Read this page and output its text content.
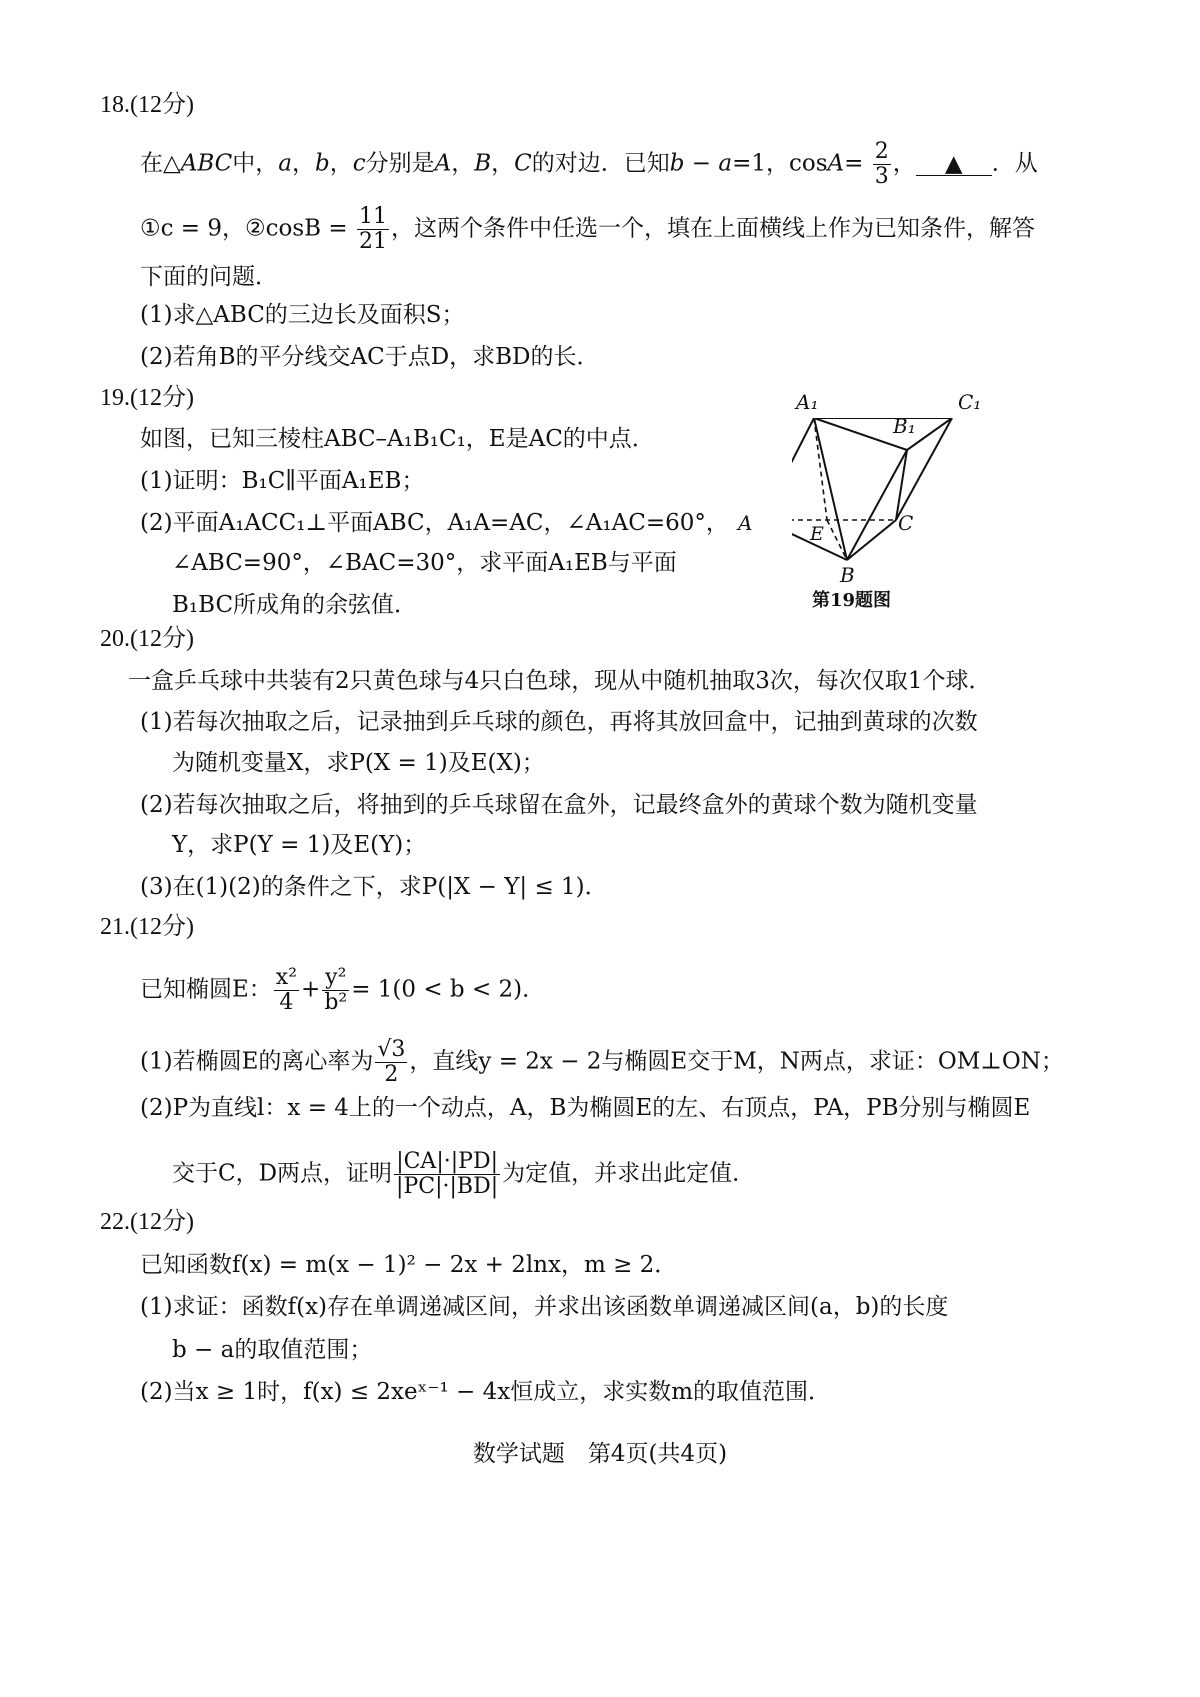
18.(12分)
在△ABC中，a，b，c分别是A，B，C的对边．已知b − a=1，$\cos A= \frac{2}{3}$ ， ▲ ．从
①c = 9，②cosB = $\frac{11}{21}$ ，这两个条件中任选一个，填在上面横线上作为已知条件，解答
下面的问题．
(1)求△ABC的三边长及面积S；
(2)若角B的平分线交AC于点D，求BD的长．
19.(12分)
如图，已知三棱柱ABC–A₁B₁C₁，E是AC的中点．
(1)证明：B₁C∥平面A₁EB；
(2)平面A₁ACC₁⊥平面ABC，A₁A=AC，∠A₁AC=60°，
∠ABC=90°，∠BAC=30°，求平面A₁EB与平面
B₁BC所成角的余弦值．
A₁	C₁
B₁
A	C
E
B
第19题图
20.(12分)
一盒乒乓球中共装有2只黄色球与4只白色球，现从中随机抽取3次，每次仅取1个球．
(1)若每次抽取之后，记录抽到乒乓球的颜色，再将其放回盒中，记抽到黄球的次数
为随机变量X，求P(X = 1)及E(X)；
(2)若每次抽取之后，将抽到的乒乓球留在盒外，记最终盒外的黄球个数为随机变量
Y，求P(Y = 1)及E(Y)；
(3)在(1)(2)的条件之下，求P(|X − Y| ≤ 1)．
21.(12分)
已知椭圆E： $\frac{\text{x²}}{4} + \frac{\text{y²}}{\text{b²}} = 1(0 < b < 2)$．
(1)若椭圆E的离心率为 $\frac{√3}{2}$ ，直线y = 2x − 2与椭圆E交于M，N两点，求证：OM⊥ON；
(2)P为直线l：x = 4上的一个动点，A，B为椭圆E的左、右顶点，PA，PB分别与椭圆E
交于C，D两点，证明 $\frac{|CA|\cdot|PD|}{|PC|\cdot|BD|}$ 为定值，并求出此定值．
22.(12分)
已知函数f(x) = m(x − 1)² − 2x + 2lnx，m ≥ 2．
(1)求证：函数f(x)存在单调递减区间，并求出该函数单调递减区间(a，b)的长度
b − a的取值范围；
(2)当x ≥ 1时，f(x) ≤ 2xeˣ⁻¹ − 4x恒成立，求实数m的取值范围．
数学试题　第4页(共4页)
